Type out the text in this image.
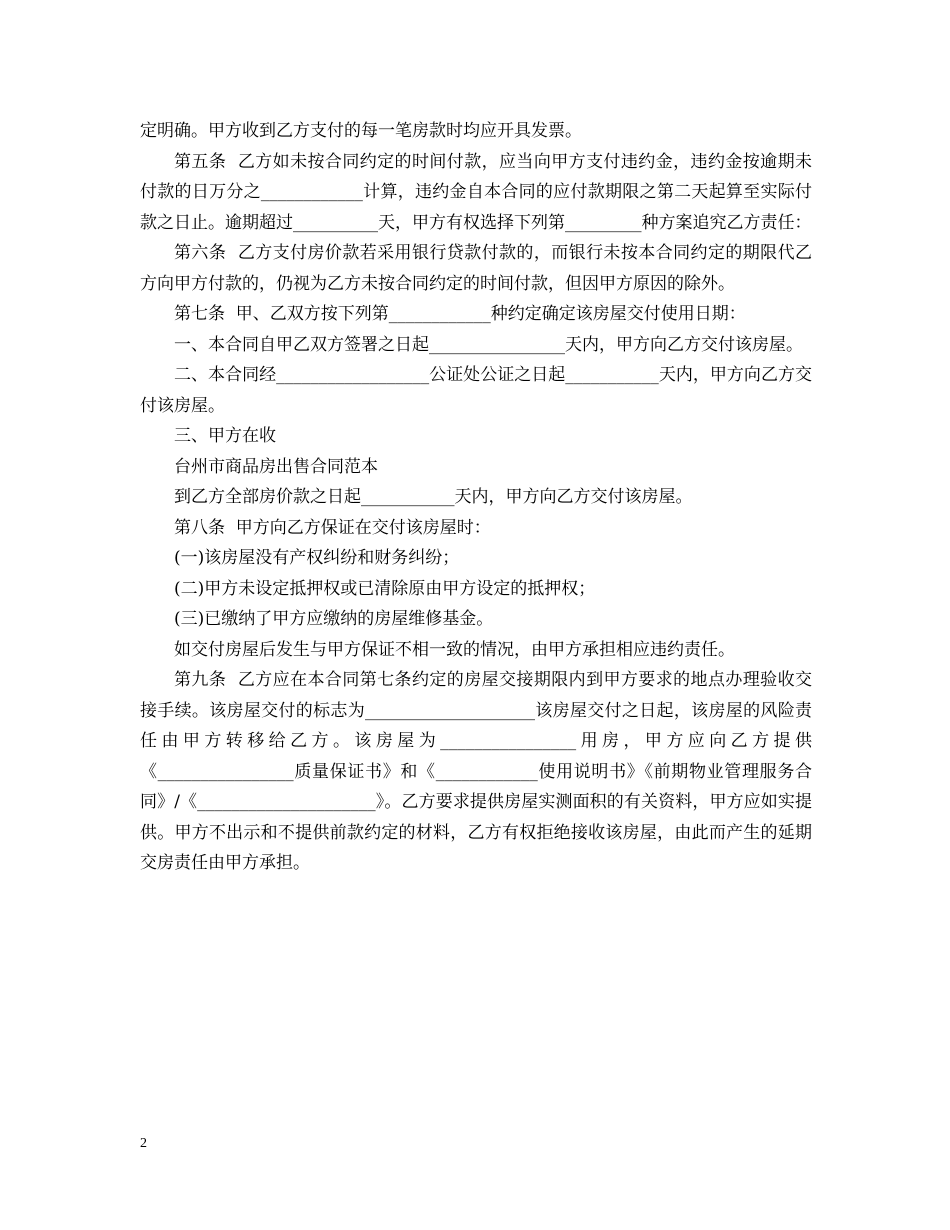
定明确。甲方收到乙方支付的每一笔房款时均应开具发票。

第五条  乙方如未按合同约定的时间付款，应当向甲方支付违约金，违约金按逾期未付款的日万分之____________计算，违约金自本合同的应付款期限之第二天起算至实际付款之日止。逾期超过__________天，甲方有权选择下列第_________种方案追究乙方责任：

第六条  乙方支付房价款若采用银行贷款付款的，而银行未按本合同约定的期限代乙方向甲方付款的，仍视为乙方未按合同约定的时间付款，但因甲方原因的除外。

第七条  甲、乙双方按下列第____________种约定确定该房屋交付使用日期：

一、本合同自甲乙双方签署之日起________________天内，甲方向乙方交付该房屋。

二、本合同经__________________公证处公证之日起___________天内，甲方向乙方交付该房屋。

三、甲方在收

台州市商品房出售合同范本

到乙方全部房价款之日起___________天内，甲方向乙方交付该房屋。

第八条  甲方向乙方保证在交付该房屋时：

(一)该房屋没有产权纠纷和财务纠纷；

(二)甲方未设定抵押权或已清除原由甲方设定的抵押权；

(三)已缴纳了甲方应缴纳的房屋维修基金。

如交付房屋后发生与甲方保证不相一致的情况，由甲方承担相应违约责任。

第九条  乙方应在本合同第七条约定的房屋交接期限内到甲方要求的地点办理验收交接手续。该房屋交付的标志为____________________该房屋交付之日起，该房屋的风险责任由甲方转移给乙方。该房屋为________________用房，甲方应向乙方提供《________________质量保证书》和《____________使用说明书》《前期物业管理服务合同》/《_____________________》。乙方要求提供房屋实测面积的有关资料，甲方应如实提供。甲方不出示和不提供前款约定的材料，乙方有权拒绝接收该房屋，由此而产生的延期交房责任由甲方承担。

2
